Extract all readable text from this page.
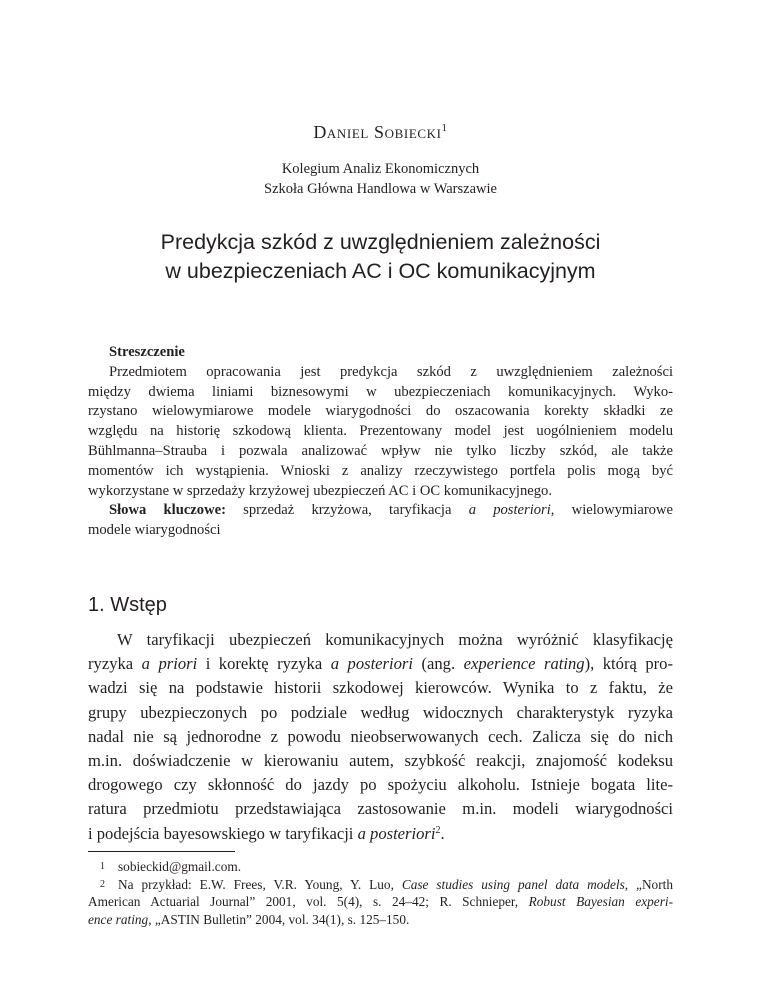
Daniel Sobiecki$^1$
Kolegium Analiz Ekonomicznych
Szkoła Główna Handlowa w Warszawie
Predykcja szkód z uwzględnieniem zależności
w ubezpieczeniach AC i OC komunikacyjnym
Streszczenie
Przedmiotem opracowania jest predykcja szkód z uwzględnieniem zależności
między dwiema liniami biznesowymi w ubezpieczeniach komunikacyjnych. Wyko-
rzystano wielowymiarowe modele wiarygodności do oszacowania korekty składki ze
względu na historię szkodową klienta. Prezentowany model jest uogólnieniem modelu
Bühlmanna–Strauba i pozwala analizować wpływ nie tylko liczby szkód, ale także
momentów ich wystąpienia. Wnioski z analizy rzeczywistego portfela polis mogą być
wykorzystane w sprzedaży krzyżowej ubezpieczeń AC i OC komunikacyjnego.
Słowa kluczowe: sprzedaż krzyżowa, taryfikacja a posteriori, wielowymiarowe
modele wiarygodności
1. Wstęp
W taryfikacji ubezpieczeń komunikacyjnych można wyróżnić klasyfikację
ryzyka a priori i korektę ryzyka a posteriori (ang. experience rating), którą pro-
wadzi się na podstawie historii szkodowej kierowców. Wynika to z faktu, że
grupy ubezpieczonych po podziale według widocznych charakterystyk ryzyka
nadal nie są jednorodne z powodu nieobserwowanych cech. Zalicza się do nich
m.in. doświadczenie w kierowaniu autem, szybkość reakcji, znajomość kodeksu
drogowego czy skłonność do jazdy po spożyciu alkoholu. Istnieje bogata lite-
ratura przedmiotu przedstawiająca zastosowanie m.in. modeli wiarygodności
i podejścia bayesowskiego w taryfikacji a posteriori$^2$.
1 sobieckid@gmail.com.
2 Na przykład: E.W. Frees, V.R. Young, Y. Luo, Case studies using panel data models, „North
American Actuarial Journal” 2001, vol. 5(4), s. 24–42; R. Schnieper, Robust Bayesian experi-
ence rating, „ASTIN Bulletin” 2004, vol. 34(1), s. 125–150.
